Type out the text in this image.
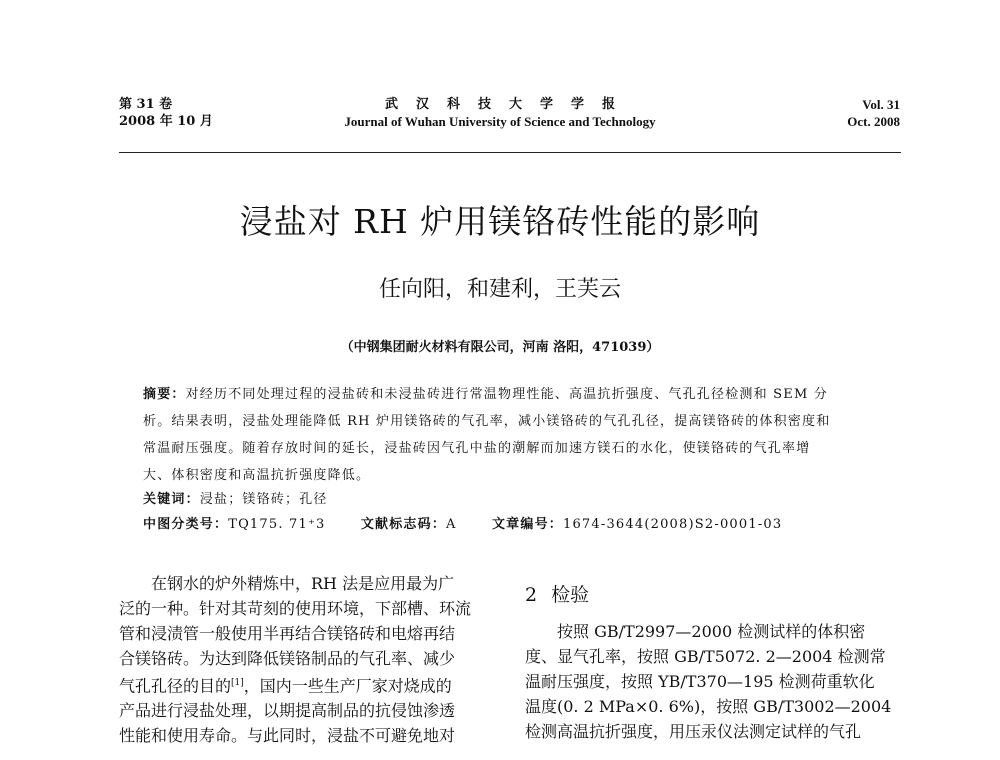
第 31 卷
2008 年 10 月
武汉科技大学学报
Journal of Wuhan University of Science and Technology
Vol. 31
Oct. 2008
浸盐对 RH 炉用镁铬砖性能的影响
任向阳，和建利，王芙云
（中钢集团耐火材料有限公司，河南 洛阳，471039）
摘要：对经历不同处理过程的浸盐砖和未浸盐砖进行常温物理性能、高温抗折强度、气孔孔径检测和 SEM 分
析。结果表明，浸盐处理能降低 RH 炉用镁铬砖的气孔率，减小镁铬砖的气孔孔径，提高镁铬砖的体积密度和
常温耐压强度。随着存放时间的延长，浸盐砖因气孔中盐的潮解而加速方镁石的水化，使镁铬砖的气孔率增
大、体积密度和高温抗折强度降低。
关键词：浸盐；镁铬砖；孔径
中图分类号：TQ175. 71⁺3	文献标志码：A	文章编号：1674-3644(2008)S2-0001-03

在钢水的炉外精炼中，RH 法是应用最为广

泛的一种。针对其苛刻的使用环境，下部槽、环流

管和浸渍管一般使用半再结合镁铬砖和电熔再结

合镁铬砖。为达到降低镁铬制品的气孔率、减少

气孔孔径的目的[1]，国内一些生产厂家对烧成的

产品进行浸盐处理，以期提高制品的抗侵蚀渗透

性能和使用寿命。与此同时，浸盐不可避免地对

2 检验

按照 GB/T2997—2000 检测试样的体积密

度、显气孔率，按照 GB/T5072. 2—2004 检测常

温耐压强度，按照 YB/T370—195 检测荷重软化

温度(0. 2 MPa×0. 6%)，按照 GB/T3002—2004

检测高温抗折强度，用压汞仪法测定试样的气孔
